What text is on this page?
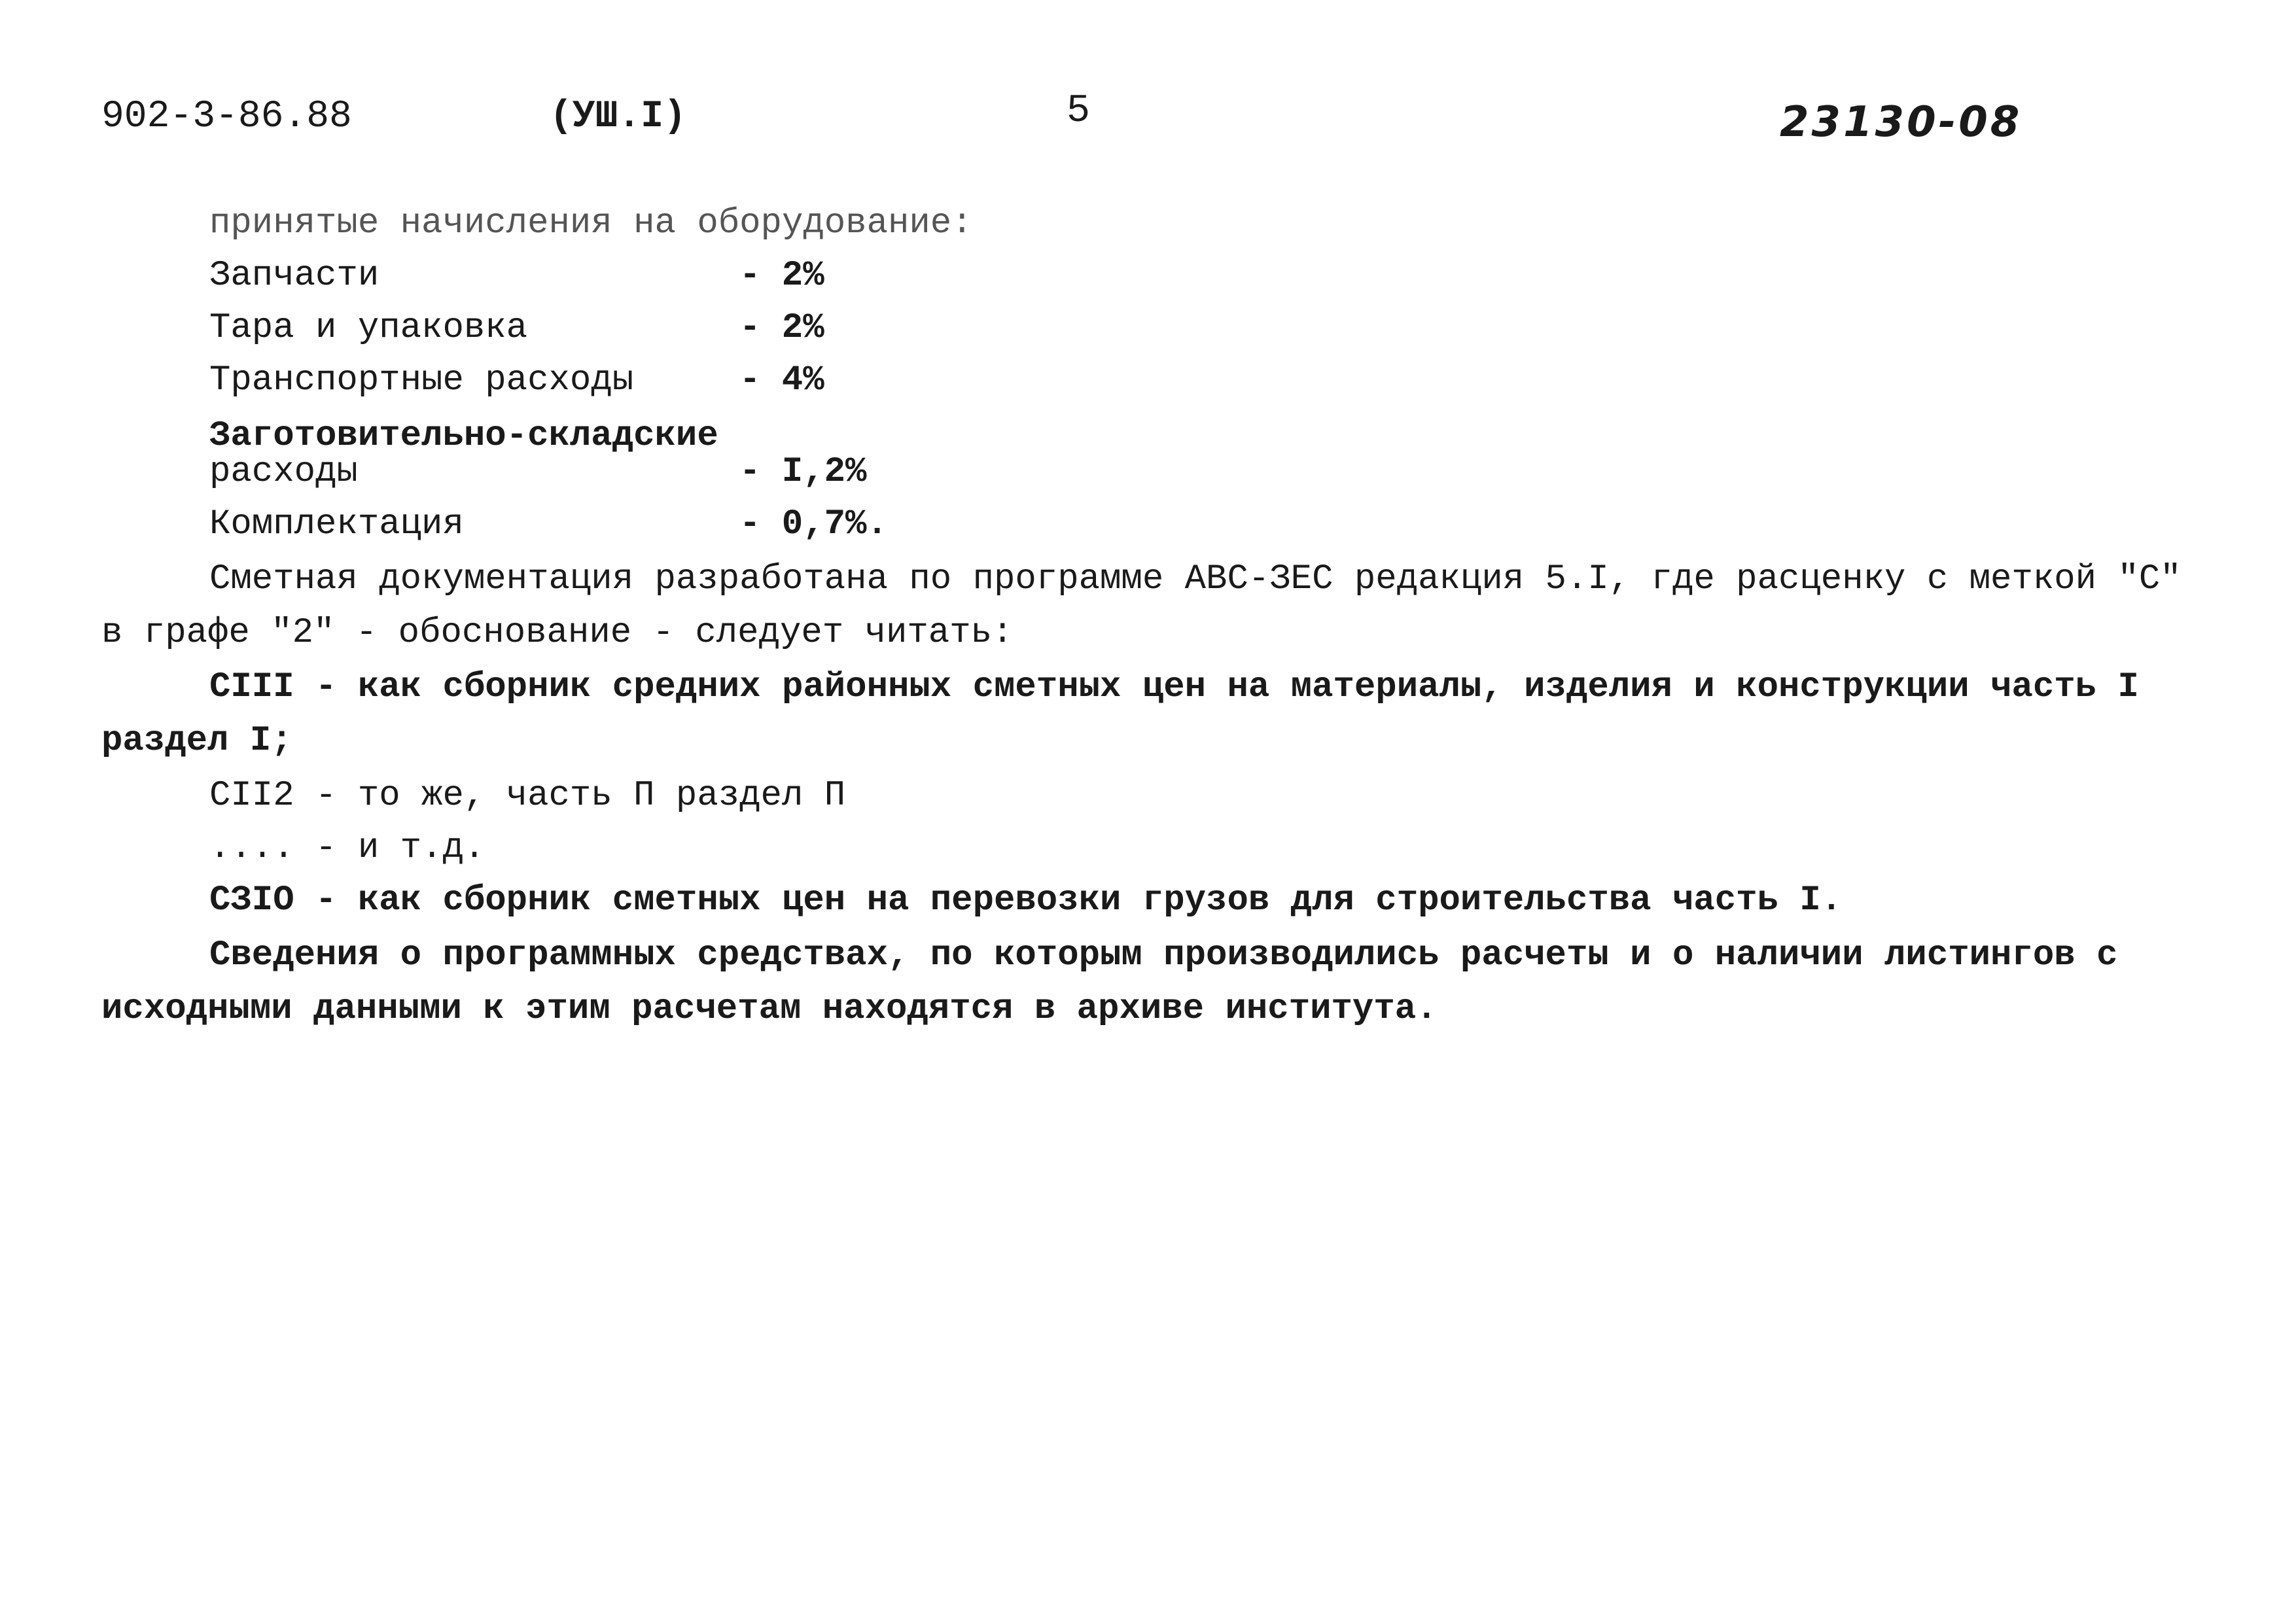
902-3-86.88	(УШ.I)	5	23130-08
принятые начисления на оборудование:
Запчасти	- 2%
Тара и упаковка	- 2%
Транспортные расходы	- 4%
Заготовительно-складские
расходы	- I,2%
Комплектация	- 0,7%.
Сметная документация разработана по программе АВС-ЗЕС редакция 5.I, где расценку с меткой "С" в графе "2" - обоснование - следует читать:
СIII - как сборник средних районных сметных цен на материалы, изделия и конструкции часть I раздел I;
СII2 - то же, часть П раздел П
.... - и т.д.
СЗIО - как сборник сметных цен на перевозки грузов для строительства часть I.
Сведения о программных средствах, по которым производились расчеты и о наличии листингов с исходными данными к этим расчетам находятся в архиве института.
